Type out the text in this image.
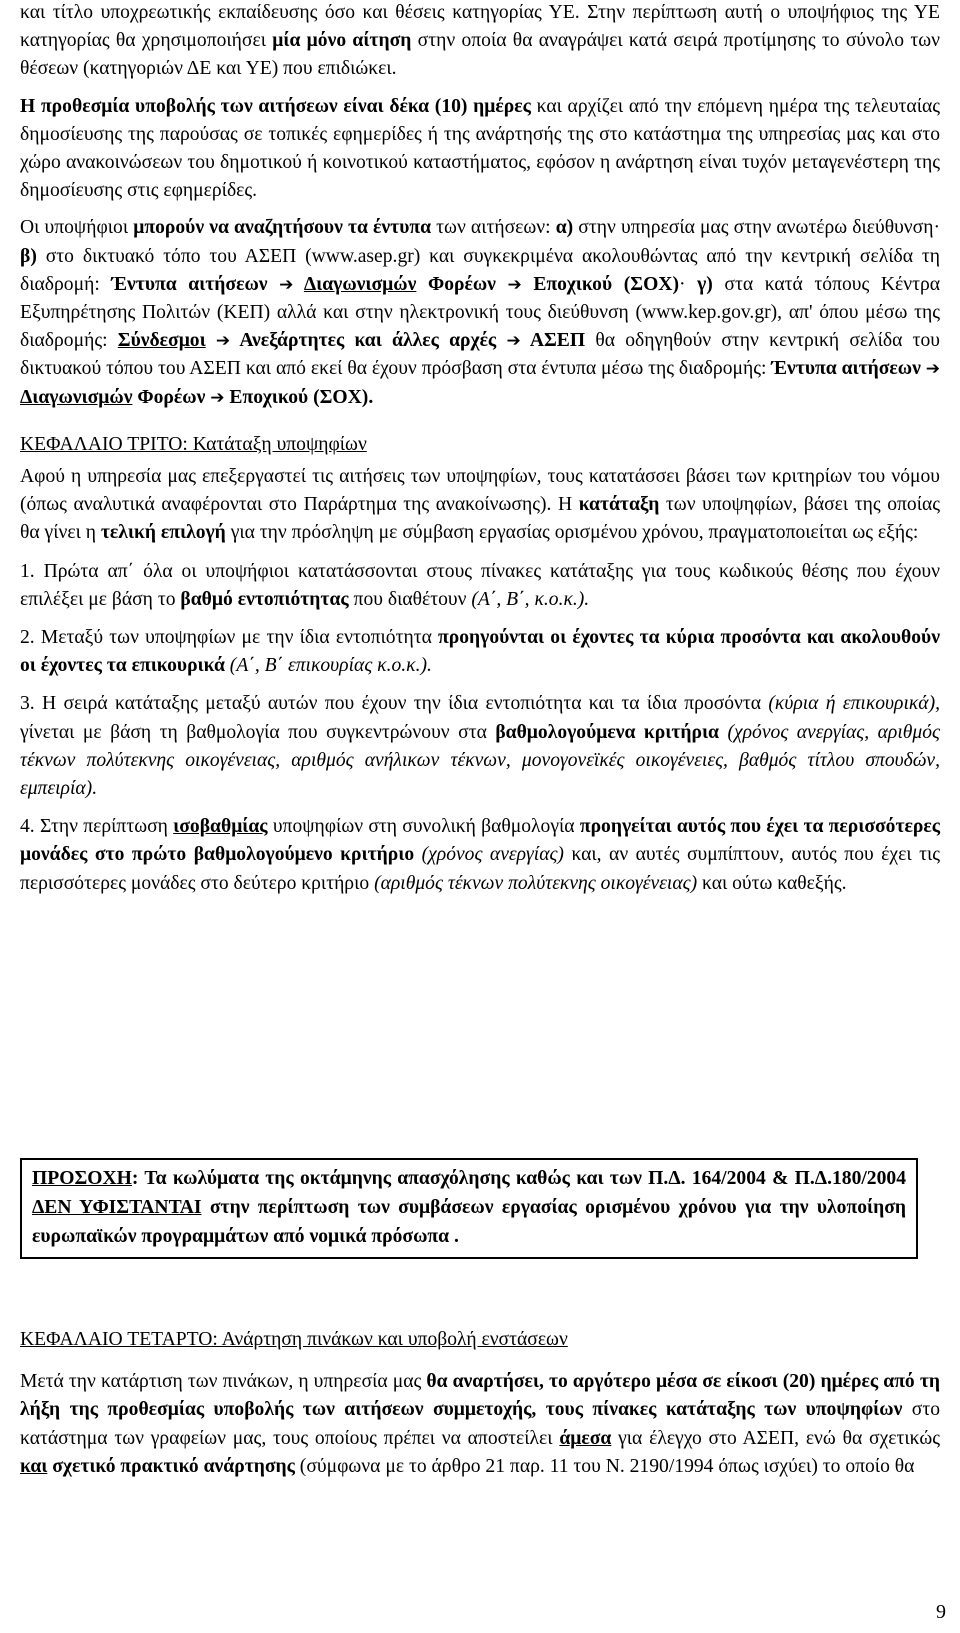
και τίτλο υποχρεωτικής εκπαίδευσης όσο και θέσεις κατηγορίας ΥΕ. Στην περίπτωση αυτή ο υποψήφιος της ΥΕ κατηγορίας θα χρησιμοποιήσει μία μόνο αίτηση στην οποία θα αναγράψει κατά σειρά προτίμησης το σύνολο των θέσεων (κατηγοριών ΔΕ και ΥΕ) που επιδιώκει.

Η προθεσμία υποβολής των αιτήσεων είναι δέκα (10) ημέρες και αρχίζει από την επόμενη ημέρα της τελευταίας δημοσίευσης της παρούσας σε τοπικές εφημερίδες ή της ανάρτησής της στο κατάστημα της υπηρεσίας μας και στο χώρο ανακοινώσεων του δημοτικού ή κοινοτικού καταστήματος, εφόσον η ανάρτηση είναι τυχόν μεταγενέστερη της δημοσίευσης στις εφημερίδες.

Οι υποψήφιοι μπορούν να αναζητήσουν τα έντυπα των αιτήσεων: α) στην υπηρεσία μας στην ανωτέρω διεύθυνση· β) στο δικτυακό τόπο του ΑΣΕΠ (www.asep.gr) και συγκεκριμένα ακολουθώντας από την κεντρική σελίδα τη διαδρομή: Έντυπα αιτήσεων ➔ Διαγωνισμών Φορέων ➔ Εποχικού (ΣΟΧ)· γ) στα κατά τόπους Κέντρα Εξυπηρέτησης Πολιτών (ΚΕΠ) αλλά και στην ηλεκτρονική τους διεύθυνση (www.kep.gov.gr), απ' όπου μέσω της διαδρομής: Σύνδεσμοι ➔ Ανεξάρτητες και άλλες αρχές ➔ ΑΣΕΠ θα οδηγηθούν στην κεντρική σελίδα του δικτυακού τόπου του ΑΣΕΠ και από εκεί θα έχουν πρόσβαση στα έντυπα μέσω της διαδρομής: Έντυπα αιτήσεων ➔ Διαγωνισμών Φορέων ➔ Εποχικού (ΣΟΧ).

ΚΕΦΑΛΑΙΟ ΤΡΙΤΟ: Κατάταξη υποψηφίων

Αφού η υπηρεσία μας επεξεργαστεί τις αιτήσεις των υποψηφίων, τους κατατάσσει βάσει των κριτηρίων του νόμου (όπως αναλυτικά αναφέρονται στο Παράρτημα της ανακοίνωσης). Η κατάταξη των υποψηφίων, βάσει της οποίας θα γίνει η τελική επιλογή για την πρόσληψη με σύμβαση εργασίας ορισμένου χρόνου, πραγματοποιείται ως εξής:

1. Πρώτα απ΄ όλα οι υποψήφιοι κατατάσσονται στους πίνακες κατάταξης για τους κωδικούς θέσης που έχουν επιλέξει με βάση το βαθμό εντοπιότητας που διαθέτουν (Α΄, Β΄, κ.ο.κ.).

2. Μεταξύ των υποψηφίων με την ίδια εντοπιότητα προηγούνται οι έχοντες τα κύρια προσόντα και ακολουθούν οι έχοντες τα επικουρικά (Α΄, Β΄ επικουρίας κ.ο.κ.).

3. Η σειρά κατάταξης μεταξύ αυτών που έχουν την ίδια εντοπιότητα και τα ίδια προσόντα (κύρια ή επικουρικά), γίνεται με βάση τη βαθμολογία που συγκεντρώνουν στα βαθμολογούμενα κριτήρια (χρόνος ανεργίας, αριθμός τέκνων πολύτεκνης οικογένειας, αριθμός ανήλικων τέκνων, μονογονεϊκές οικογένειες, βαθμός τίτλου σπουδών, εμπειρία).

4. Στην περίπτωση ισοβαθμίας υποψηφίων στη συνολική βαθμολογία προηγείται αυτός που έχει τα περισσότερες μονάδες στο πρώτο βαθμολογούμενο κριτήριο (χρόνος ανεργίας) και, αν αυτές συμπίπτουν, αυτός που έχει τις περισσότερες μονάδες στο δεύτερο κριτήριο (αριθμός τέκνων πολύτεκνης οικογένειας) και ούτω καθεξής.

ΠΡΟΣΟΧΗ: Τα κωλύματα της οκτάμηνης απασχόλησης καθώς και των Π.Δ. 164/2004 & Π.Δ.180/2004 ΔΕΝ ΥΦΙΣΤΑΝΤΑΙ στην περίπτωση των συμβάσεων εργασίας ορισμένου χρόνου για την υλοποίηση ευρωπαϊκών προγραμμάτων από νομικά πρόσωπα .

ΚΕΦΑΛΑΙΟ ΤΕΤΑΡΤΟ: Ανάρτηση πινάκων και υποβολή ενστάσεων

Μετά την κατάρτιση των πινάκων, η υπηρεσία μας θα αναρτήσει, το αργότερο μέσα σε είκοσι (20) ημέρες από τη λήξη της προθεσμίας υποβολής των αιτήσεων συμμετοχής, τους πίνακες κατάταξης των υποψηφίων στο κατάστημα των γραφείων μας, τους οποίους πρέπει να αποστείλει άμεσα για έλεγχο στο ΑΣΕΠ, ενώ θα σχετικώς και σχετικό πρακτικό ανάρτησης (σύμφωνα με το άρθρο 21 παρ. 11 του Ν. 2190/1994 όπως ισχύει) το οποίο θα

9
